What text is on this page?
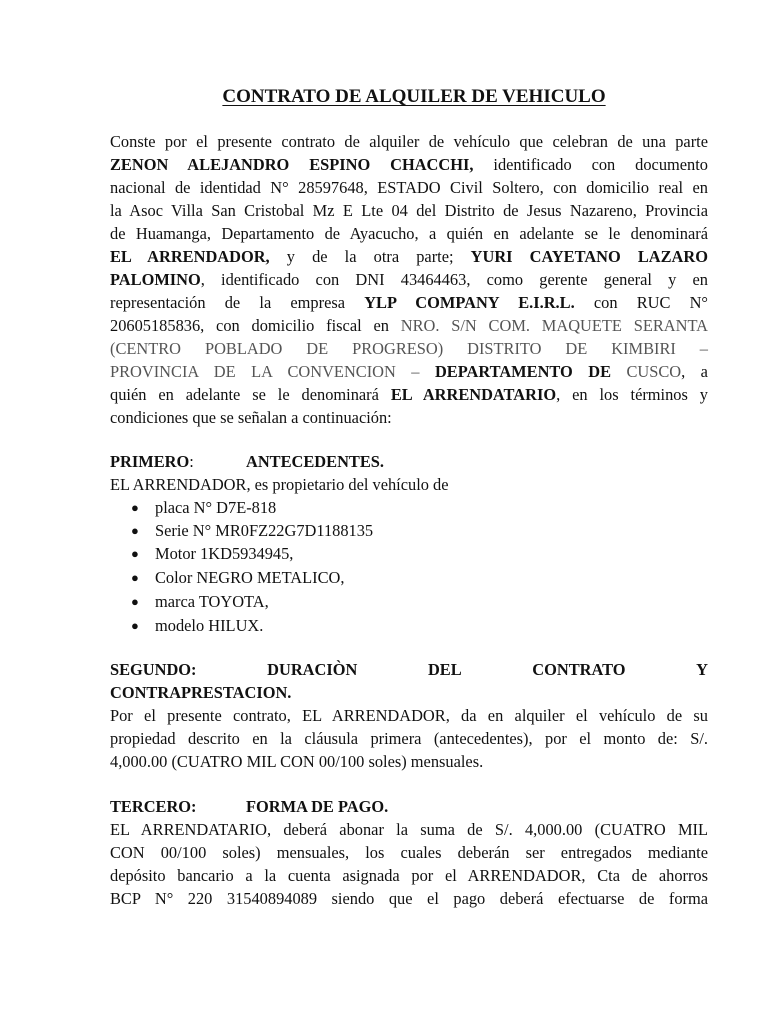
CONTRATO DE ALQUILER DE VEHICULO
Conste por el presente contrato de alquiler de vehículo que celebran de una parte
ZENON ALEJANDRO ESPINO CHACCHI, identificado con documento
nacional de identidad N° 28597648, ESTADO Civil Soltero, con domicilio real en
la Asoc Villa San Cristobal Mz E Lte 04 del Distrito de Jesus Nazareno, Provincia
de Huamanga, Departamento de Ayacucho, a quién en adelante se le denominará
EL ARRENDADOR, y de la otra parte; YURI CAYETANO LAZARO
PALOMINO, identificado con DNI 43464463, como gerente general y en
representación de la empresa YLP COMPANY E.I.R.L. con RUC N°
20605185836, con domicilio fiscal en NRO. S/N COM. MAQUETE SERANTA
(CENTRO POBLADO DE PROGRESO) DISTRITO DE KIMBIRI –
PROVINCIA DE LA CONVENCION – DEPARTAMENTO DE CUSCO, a
quién en adelante se le denominará EL ARRENDATARIO, en los términos y
condiciones que se señalan a continuación:
PRIMERO:	ANTECEDENTES.
EL ARRENDADOR, es propietario del vehículo de
● placa N° D7E-818
● Serie N° MR0FZ22G7D1188135
● Motor 1KD5934945,
● Color NEGRO METALICO,
● marca TOYOTA,
● modelo HILUX.
SEGUNDO:	DURACIÒN	DEL	CONTRATO	Y
CONTRAPRESTACION.
Por el presente contrato, EL ARRENDADOR, da en alquiler el vehículo de su
propiedad descrito en la cláusula primera (antecedentes), por el monto de: S/.
4,000.00 (CUATRO MIL CON 00/100 soles) mensuales.
TERCERO:	FORMA DE PAGO.
EL ARRENDATARIO, deberá abonar la suma de S/. 4,000.00 (CUATRO MIL
CON 00/100 soles) mensuales, los cuales deberán ser entregados mediante
depósito bancario a la cuenta asignada por el ARRENDADOR, Cta de ahorros
BCP N° 220 31540894089 siendo que el pago deberá efectuarse de forma
